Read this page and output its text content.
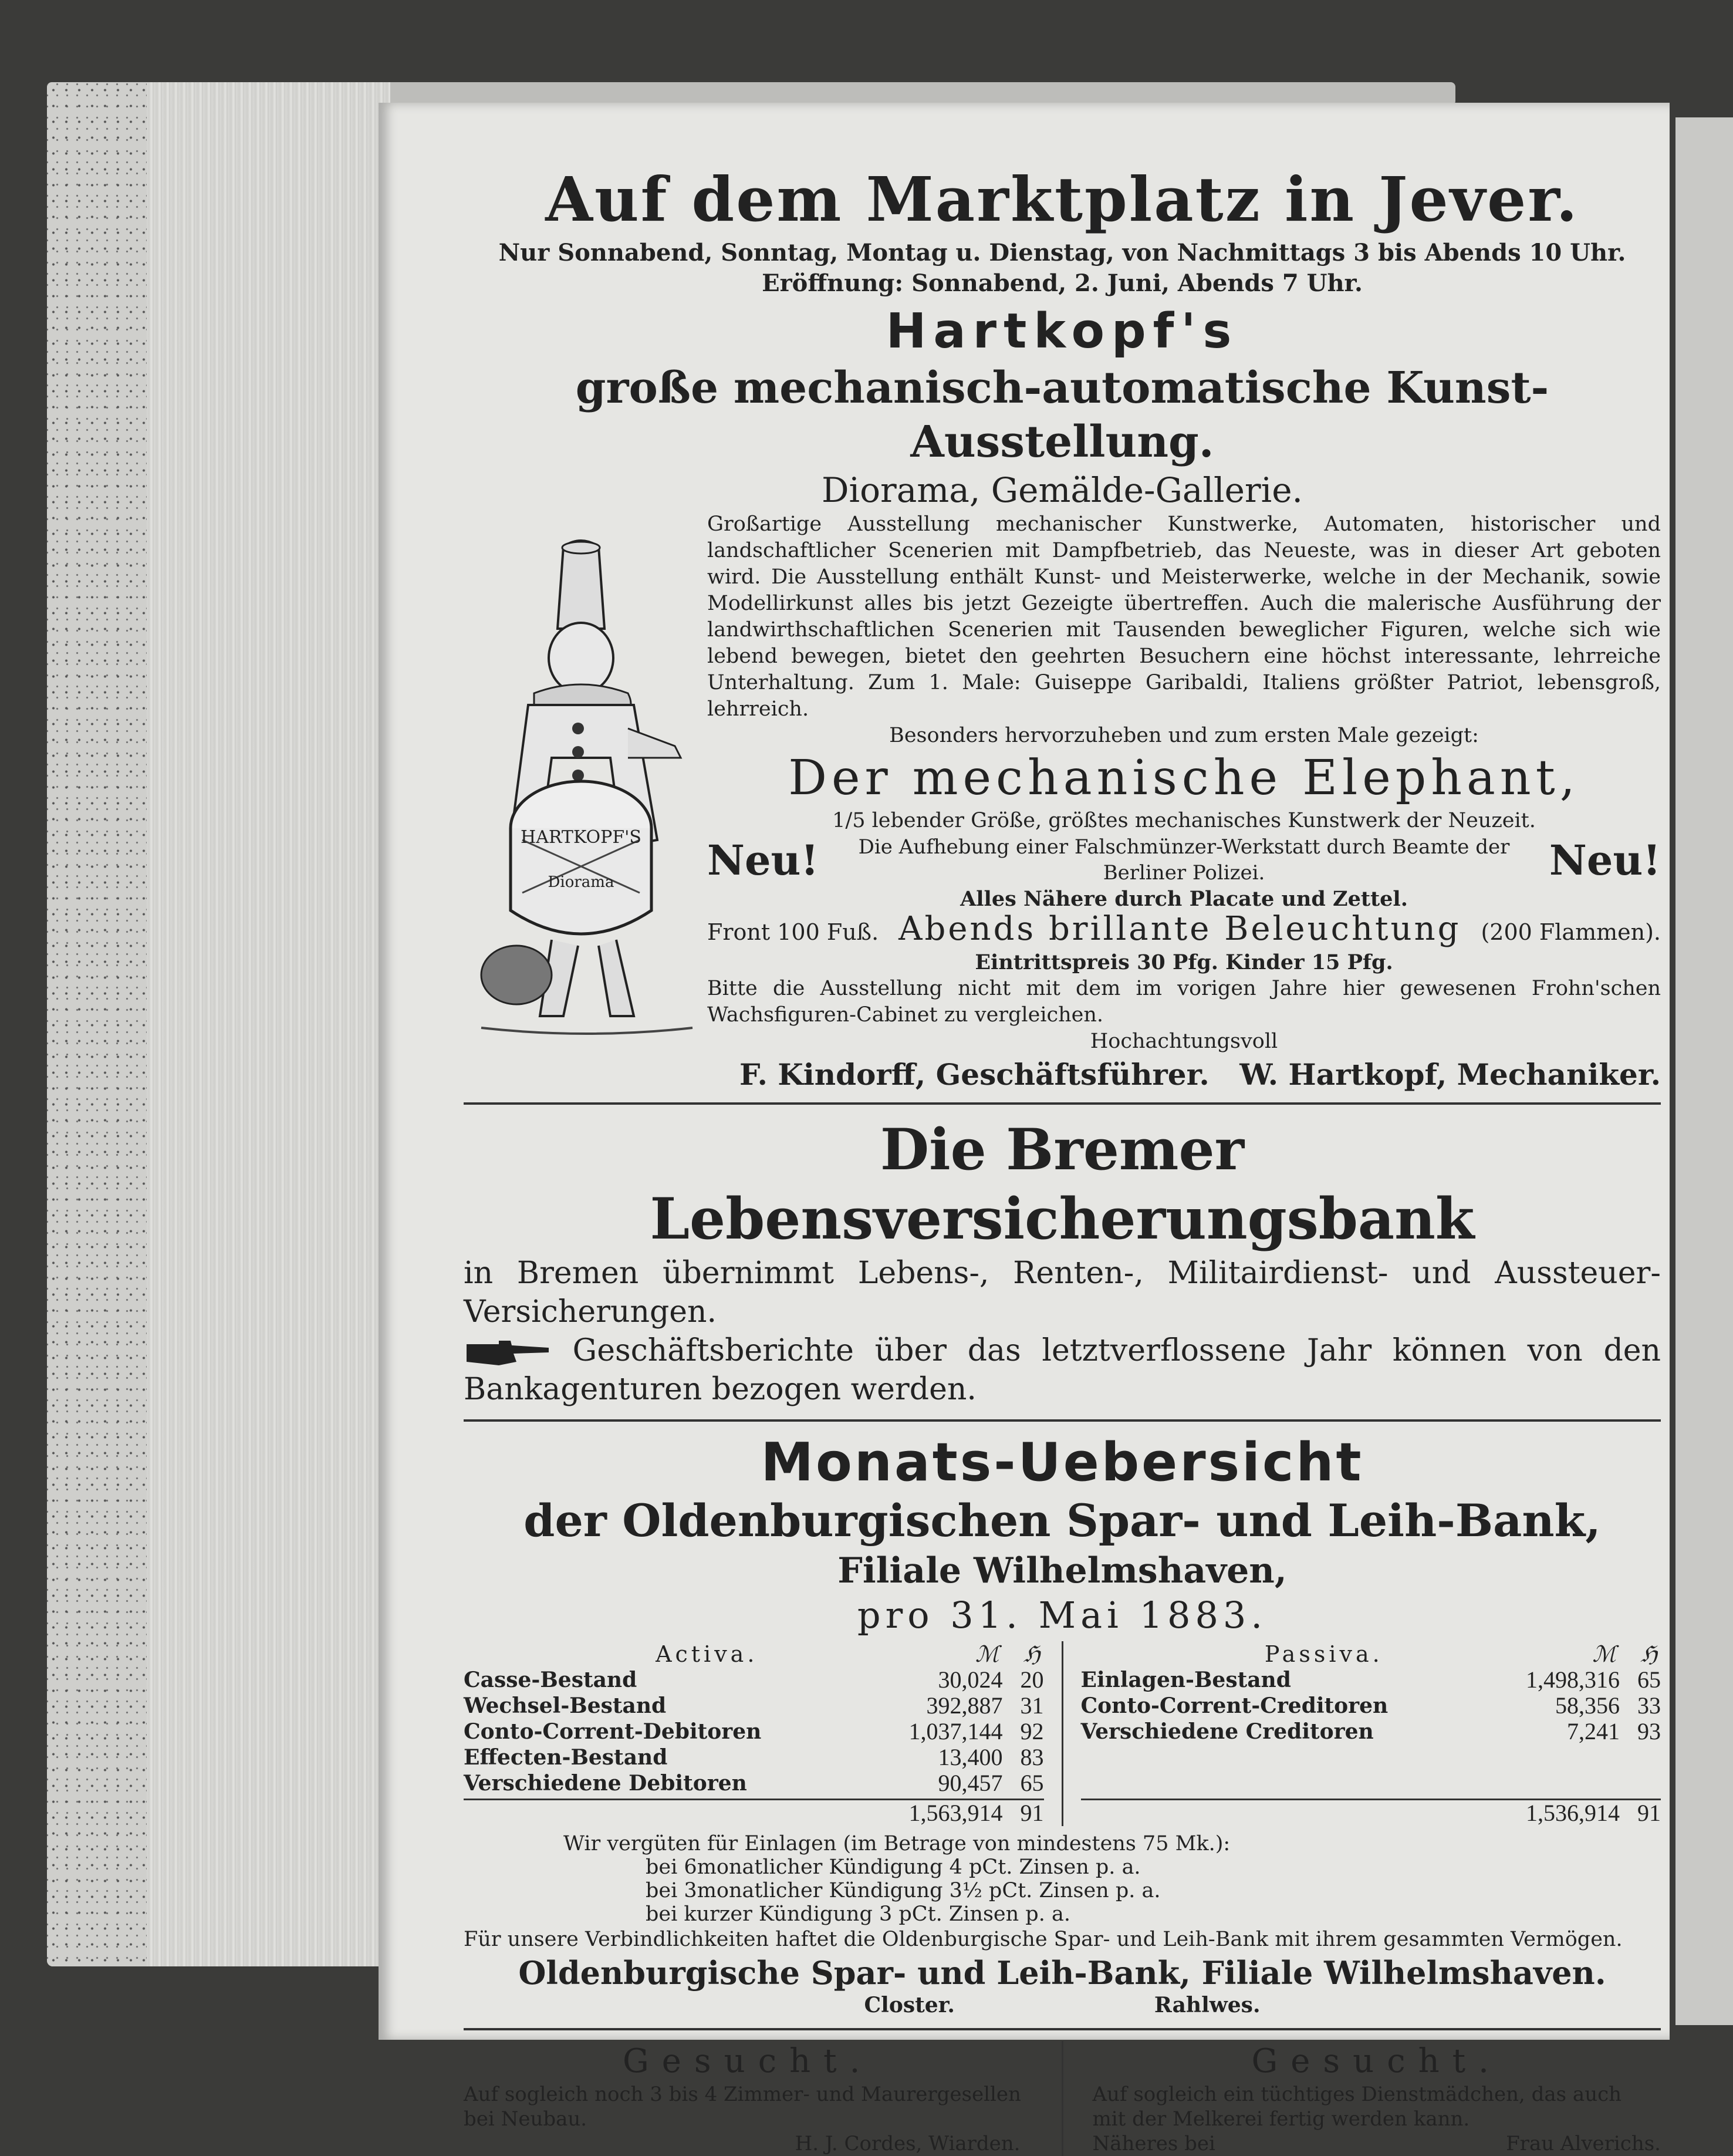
Auf dem Marktplatz in Jever.
Nur Sonnabend, Sonntag, Montag u. Dienstag, von Nachmittags 3 bis Abends 10 Uhr.
Eröffnung: Sonnabend, 2. Juni, Abends 7 Uhr.
Hartkopf's
große mechanisch-automatische Kunst-Ausstellung.
Diorama, Gemälde-Gallerie.
HARTKOPF'S
Diorama
Großartige Ausstellung mechanischer Kunstwerke, Automaten, historischer und landschaftlicher Scenerien mit Dampfbetrieb, das Neueste, was in dieser Art geboten wird. Die Ausstellung enthält Kunst- und Meisterwerke, welche in der Mechanik, sowie Modellirkunst alles bis jetzt Gezeigte übertreffen. Auch die malerische Ausführung der landwirthschaftlichen Scenerien mit Tausenden beweglicher Figuren, welche sich wie lebend bewegen, bietet den geehrten Besuchern eine höchst interessante, lehrreiche Unterhaltung. Zum 1. Male: Guiseppe Garibaldi, Italiens größter Patriot, lebensgroß, lehrreich.
Besonders hervorzuheben und zum ersten Male gezeigt:
Der mechanische Elephant,
1/5 lebender Größe, größtes mechanisches Kunstwerk der Neuzeit.
Neu!	Die Aufhebung einer Falschmünzer-Werkstatt durch Beamte der Berliner Polizei.	Neu!
Alles Nähere durch Placate und Zettel.
Front 100 Fuß. Abends brillante Beleuchtung (200 Flammen).
Eintrittspreis 30 Pfg. Kinder 15 Pfg.
Bitte die Ausstellung nicht mit dem im vorigen Jahre hier gewesenen Frohn'schen Wachsfiguren-Cabinet zu vergleichen.
Hochachtungsvoll
F. Kindorff, Geschäftsführer. W. Hartkopf, Mechaniker.
Die Bremer Lebensversicherungsbank
in Bremen übernimmt Lebens-, Renten-, Militairdienst- und Aussteuer-Versicherungen.
Geschäftsberichte über das letztverflossene Jahr können von den Bankagenturen bezogen werden.
Monats-Uebersicht
der Oldenburgischen Spar- und Leih-Bank,
Filiale Wilhelmshaven,
pro 31. Mai 1883.
Activa.	ℳ ℌ
Casse-Bestand	30,024 20
Wechsel-Bestand	392,887 31
Conto-Corrent-Debitoren	1,037,144 92
Effecten-Bestand	13,400 83
Verschiedene Debitoren	90,457 65
1,563,914 91
Passiva.	ℳ ℌ
Einlagen-Bestand	1,498,316 65
Conto-Corrent-Creditoren	58,356 33
Verschiedene Creditoren	7,241 93
1,536,914 91
Wir vergüten für Einlagen (im Betrage von mindestens 75 Mk.):
bei 6monatlicher Kündigung 4 pCt. Zinsen p. a.
bei 3monatlicher Kündigung 3½ pCt. Zinsen p. a.
bei kurzer Kündigung 3 pCt. Zinsen p. a.
Für unsere Verbindlichkeiten haftet die Oldenburgische Spar- und Leih-Bank mit ihrem gesammten Vermögen.
Oldenburgische Spar- und Leih-Bank, Filiale Wilhelmshaven.
Closter.	Rahlwes.
Gesucht.
Auf sogleich noch 3 bis 4 Zimmer- und Maurergesellen bei Neubau.
H. J. Cordes, Wiarden.
Gesucht.
Auf sogleich ein tüchtiges Dienstmädchen, das auch mit der Melkerei fertig werden kann.
Näheres bei	Frau Alverichs.
